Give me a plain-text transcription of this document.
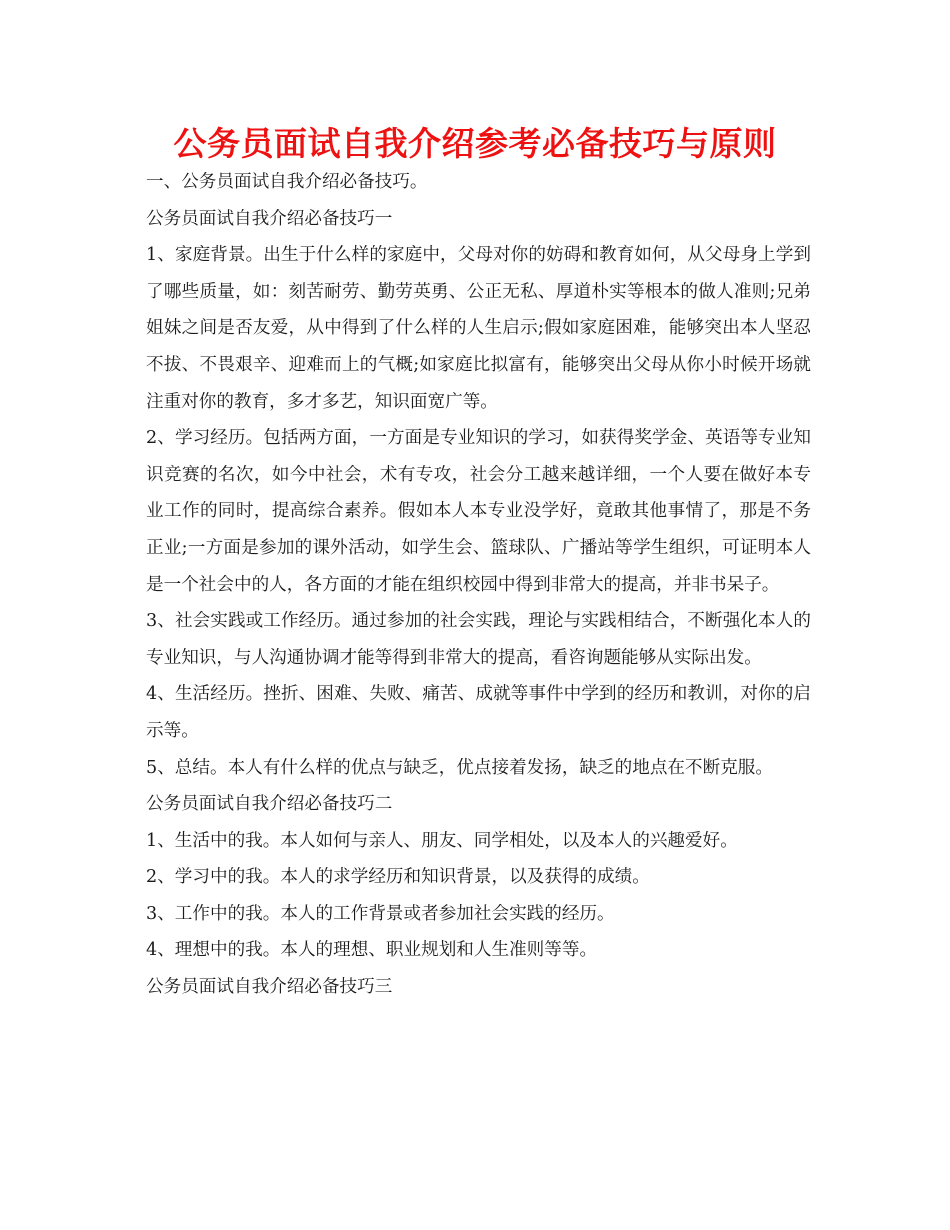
公务员面试自我介绍参考必备技巧与原则

一、公务员面试自我介绍必备技巧。

公务员面试自我介绍必备技巧一

1、家庭背景。出生于什么样的家庭中，父母对你的妨碍和教育如何，从父母身上学到了哪些质量，如：刻苦耐劳、勤劳英勇、公正无私、厚道朴实等根本的做人准则;兄弟姐妹之间是否友爱，从中得到了什么样的人生启示;假如家庭困难，能够突出本人坚忍不拔、不畏艰辛、迎难而上的气概;如家庭比拟富有，能够突出父母从你小时候开场就注重对你的教育，多才多艺，知识面宽广等。

2、学习经历。包括两方面，一方面是专业知识的学习，如获得奖学金、英语等专业知识竞赛的名次，如今中社会，术有专攻，社会分工越来越详细，一个人要在做好本专业工作的同时，提高综合素养。假如本人本专业没学好，竟敢其他事情了，那是不务正业;一方面是参加的课外活动，如学生会、篮球队、广播站等学生组织，可证明本人是一个社会中的人，各方面的才能在组织校园中得到非常大的提高，并非书呆子。

3、社会实践或工作经历。通过参加的社会实践，理论与实践相结合，不断强化本人的专业知识，与人沟通协调才能等得到非常大的提高，看咨询题能够从实际出发。

4、生活经历。挫折、困难、失败、痛苦、成就等事件中学到的经历和教训，对你的启示等。

5、总结。本人有什么样的优点与缺乏，优点接着发扬，缺乏的地点在不断克服。

公务员面试自我介绍必备技巧二

1、生活中的我。本人如何与亲人、朋友、同学相处，以及本人的兴趣爱好。

2、学习中的我。本人的求学经历和知识背景，以及获得的成绩。

3、工作中的我。本人的工作背景或者参加社会实践的经历。

4、理想中的我。本人的理想、职业规划和人生准则等等。

公务员面试自我介绍必备技巧三
